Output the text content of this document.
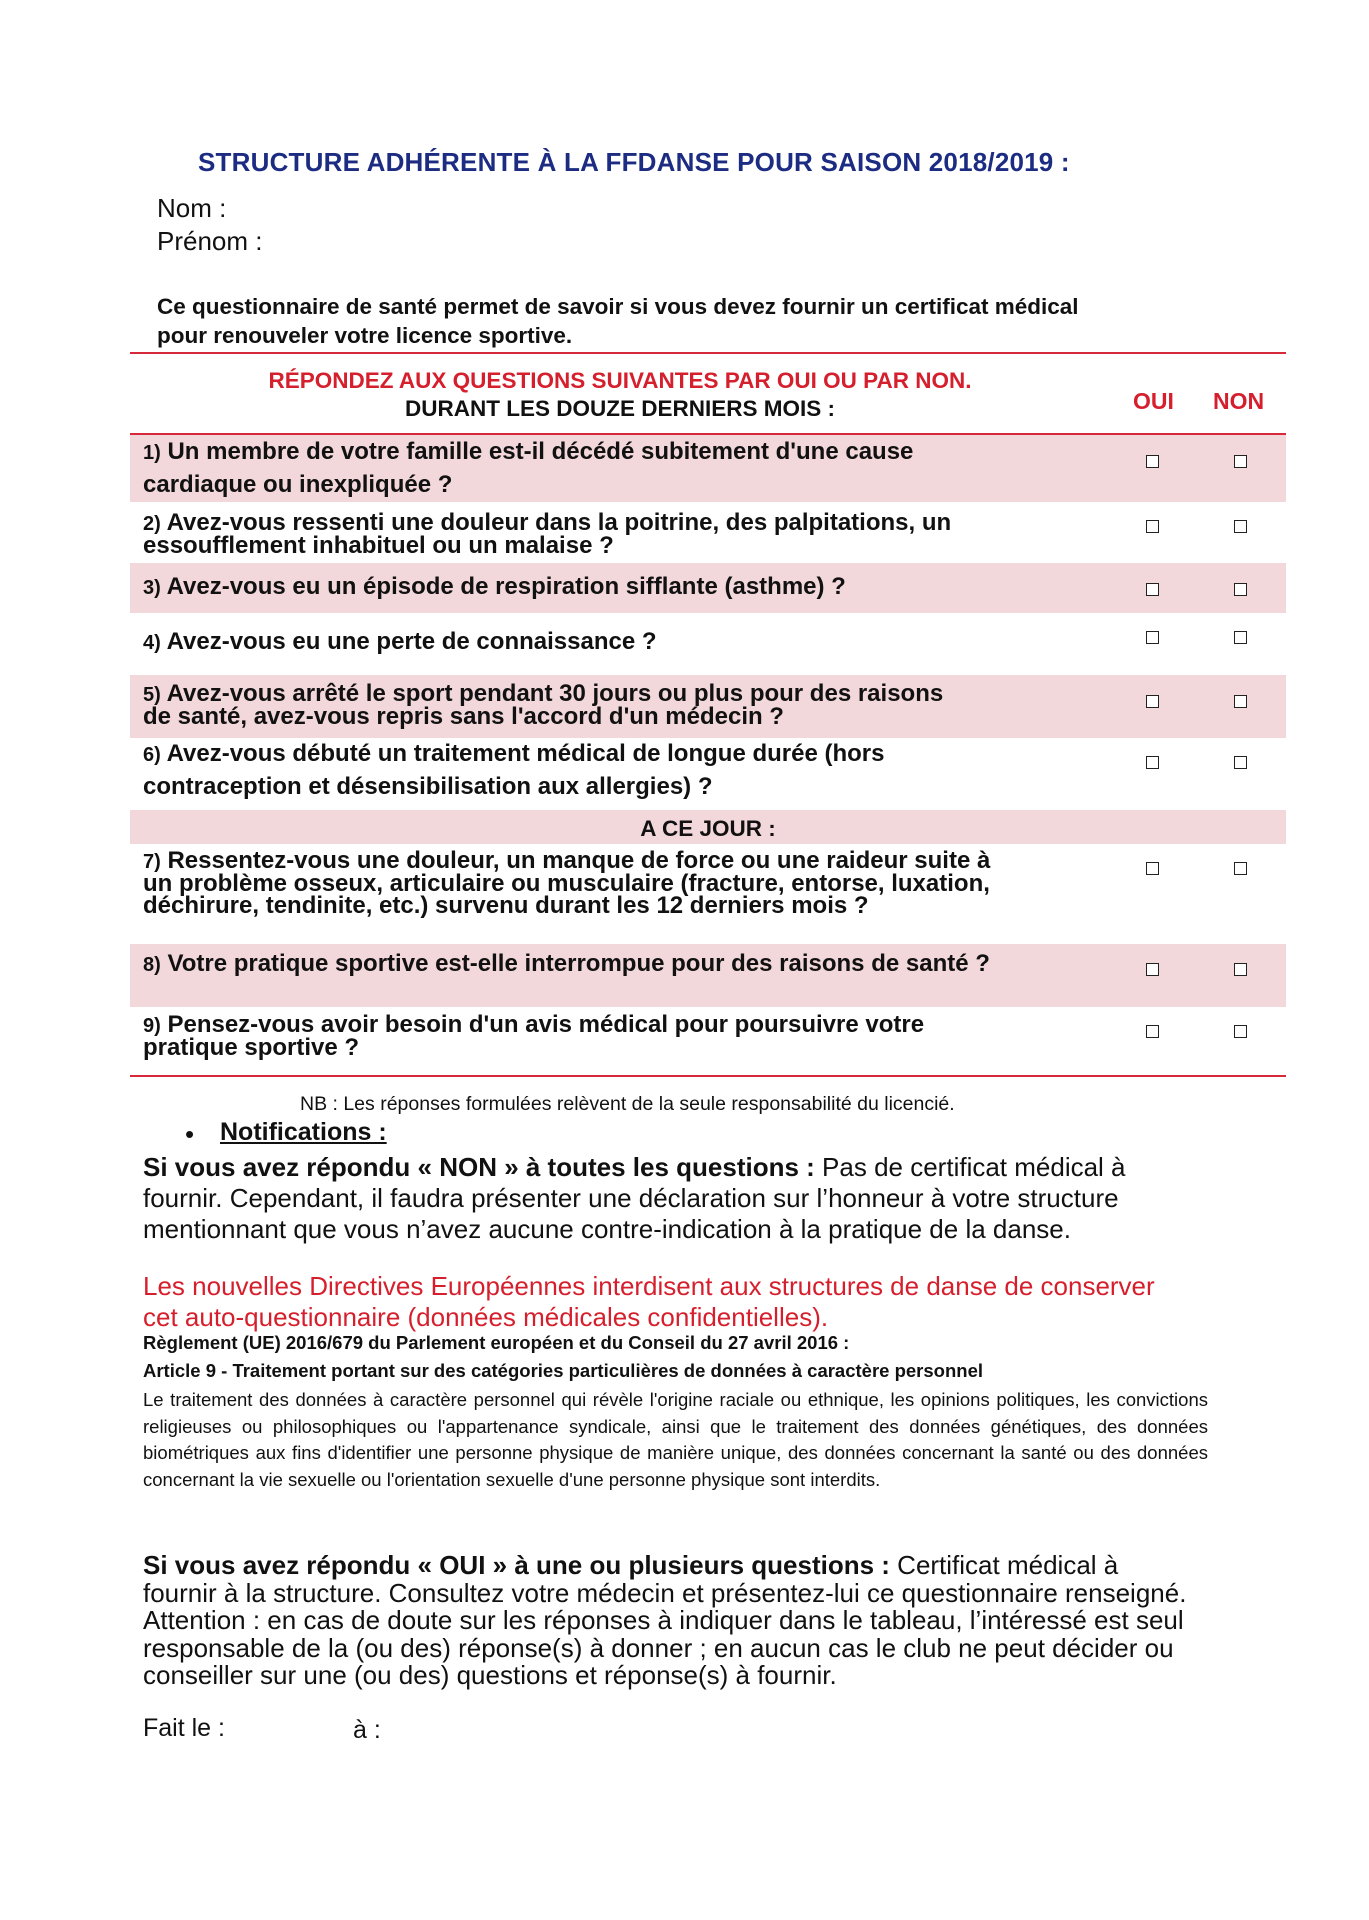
STRUCTURE ADHÉRENTE À LA FFDANSE POUR SAISON 2018/2019 :
Nom :
Prénom :
Ce questionnaire de santé permet de savoir si vous devez fournir un certificat médical
pour renouveler votre licence sportive.
RÉPONDEZ AUX QUESTIONS SUIVANTES PAR OUI OU PAR NON.
DURANT LES DOUZE DERNIERS MOIS :	OUI NON
1) Un membre de votre famille est-il décédé subitement d'une cause
cardiaque ou inexpliquée ?
2) Avez-vous ressenti une douleur dans la poitrine, des palpitations, un
essoufflement inhabituel ou un malaise ?
3) Avez-vous eu un épisode de respiration sifflante (asthme) ?
4) Avez-vous eu une perte de connaissance ?
5) Avez-vous arrêté le sport pendant 30 jours ou plus pour des raisons
de santé, avez-vous repris sans l'accord d'un médecin ?
6) Avez-vous débuté un traitement médical de longue durée (hors
contraception et désensibilisation aux allergies) ?
A CE JOUR :
7) Ressentez-vous une douleur, un manque de force ou une raideur suite à
un problème osseux, articulaire ou musculaire (fracture, entorse, luxation,
déchirure, tendinite, etc.) survenu durant les 12 derniers mois ?
8) Votre pratique sportive est-elle interrompue pour des raisons de santé ?
9) Pensez-vous avoir besoin d'un avis médical pour poursuivre votre
pratique sportive ?
NB : Les réponses formulées relèvent de la seule responsabilité du licencié.
• Notifications :
Si vous avez répondu « NON » à toutes les questions : Pas de certificat médical à
fournir. Cependant, il faudra présenter une déclaration sur l’honneur à votre structure
mentionnant que vous n’avez aucune contre-indication à la pratique de la danse.
Les nouvelles Directives Européennes interdisent aux structures de danse de conserver
cet auto-questionnaire (données médicales confidentielles).
Règlement (UE) 2016/679 du Parlement européen et du Conseil du 27 avril 2016 :
Article 9 - Traitement portant sur des catégories particulières de données à caractère personnel
Le traitement des données à caractère personnel qui révèle l'origine raciale ou ethnique, les opinions politiques, les convictions religieuses ou philosophiques ou l'appartenance syndicale, ainsi que le traitement des données génétiques, des données biométriques aux fins d'identifier une personne physique de manière unique, des données concernant la santé ou des données concernant la vie sexuelle ou l'orientation sexuelle d'une personne physique sont interdits.
Si vous avez répondu « OUI » à une ou plusieurs questions : Certificat médical à
fournir à la structure. Consultez votre médecin et présentez-lui ce questionnaire renseigné.
Attention : en cas de doute sur les réponses à indiquer dans le tableau, l’intéressé est seul
responsable de la (ou des) réponse(s) à donner ; en aucun cas le club ne peut décider ou
conseiller sur une (ou des) questions et réponse(s) à fournir.
Fait le :	à :
